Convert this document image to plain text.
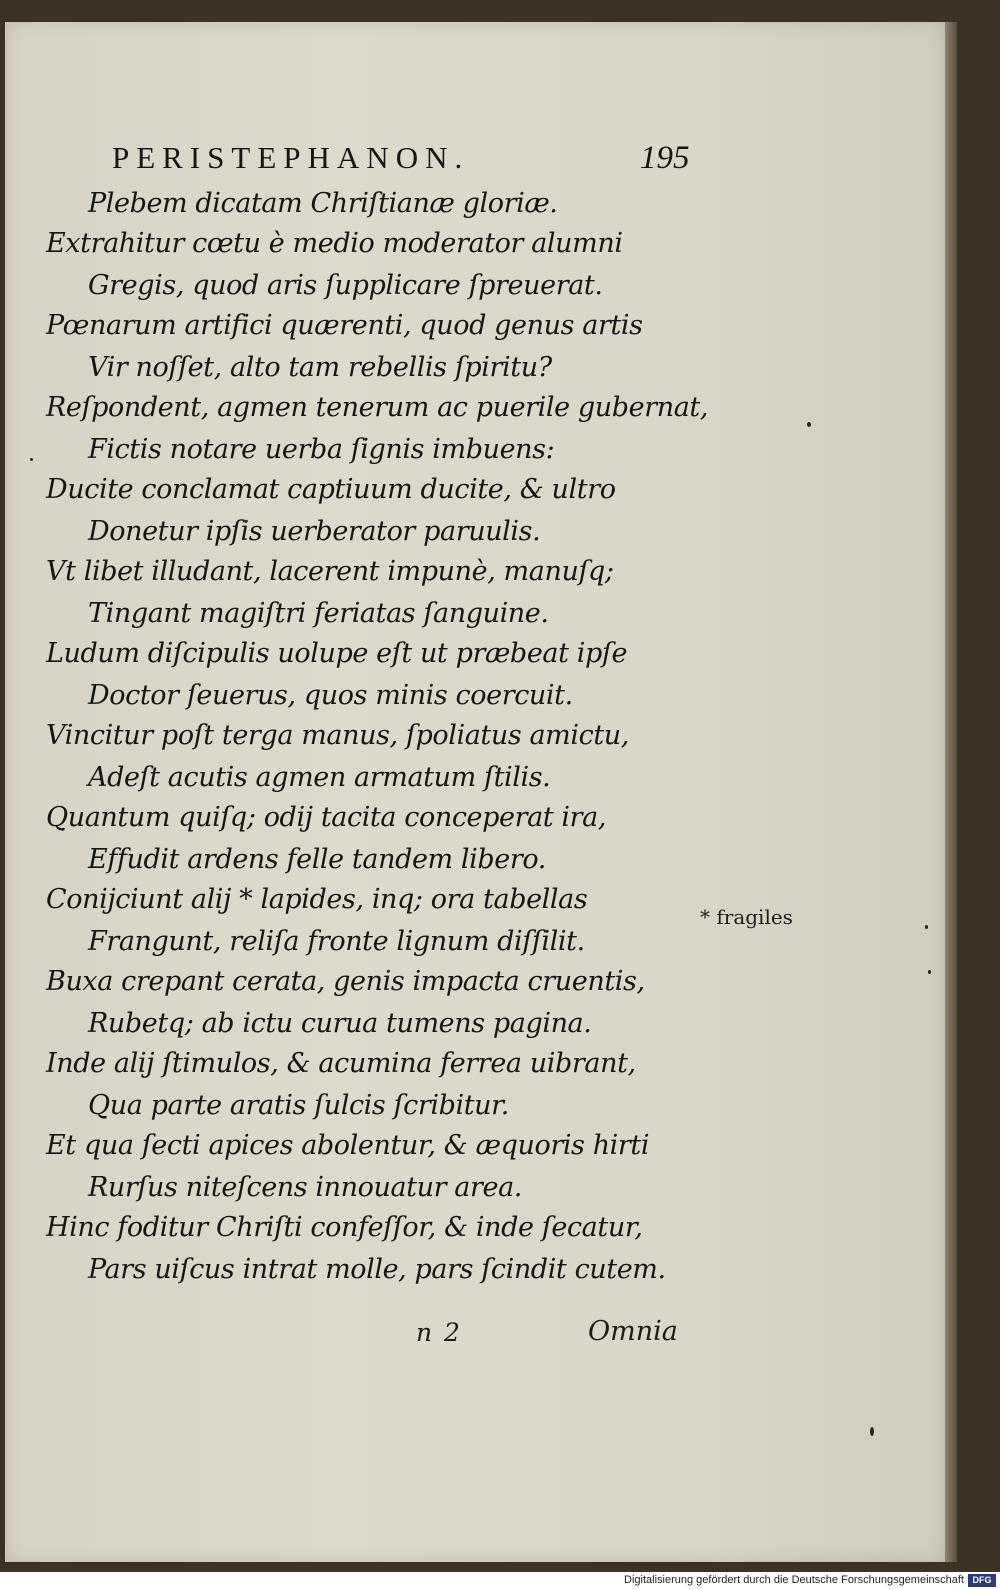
PERISTEPHANON.	195
Plebem dicatam Chriſtianæ gloriæ.
Extrahitur cœtu è medio moderator alumni
Gregis, quod aris ſupplicare ſpreuerat.
Pœnarum artifici quærenti, quod genus artis
Vir noſſet, alto tam rebellis ſpiritu?
Reſpondent, agmen tenerum ac puerile gubernat,
Fictis notare uerba ſignis imbuens:
Ducite conclamat captiuum ducite, & ultro
Donetur ipſis uerberator paruulis.
Vt libet illudant, lacerent impunè, manuſq;
Tingant magiſtri feriatas ſanguine.
Ludum diſcipulis uolupe eſt ut præbeat ipſe
Doctor ſeuerus, quos minis coercuit.
Vincitur poſt terga manus, ſpoliatus amictu,
Adeſt acutis agmen armatum ſtilis.
Quantum quiſq; odij tacita conceperat ira,
Effudit ardens felle tandem libero.
Conijciunt alij * lapides, inq; ora tabellas
Frangunt, reliſa fronte lignum diſſilit.
Buxa crepant cerata, genis impacta cruentis,
Rubetq; ab ictu curua tumens pagina.
Inde alij ſtimulos, & acumina ferrea uibrant,
Qua parte aratis ſulcis ſcribitur.
Et qua ſecti apices abolentur, & æquoris hirti
Rurſus niteſcens innouatur area.
Hinc foditur Chriſti confeſſor, & inde ſecatur,
Pars uiſcus intrat molle, pars ſcindit cutem.
* fragiles
n 2	Omnia
Digitalisierung gefördert durch die Deutsche Forschungsgemeinschaft DFG
